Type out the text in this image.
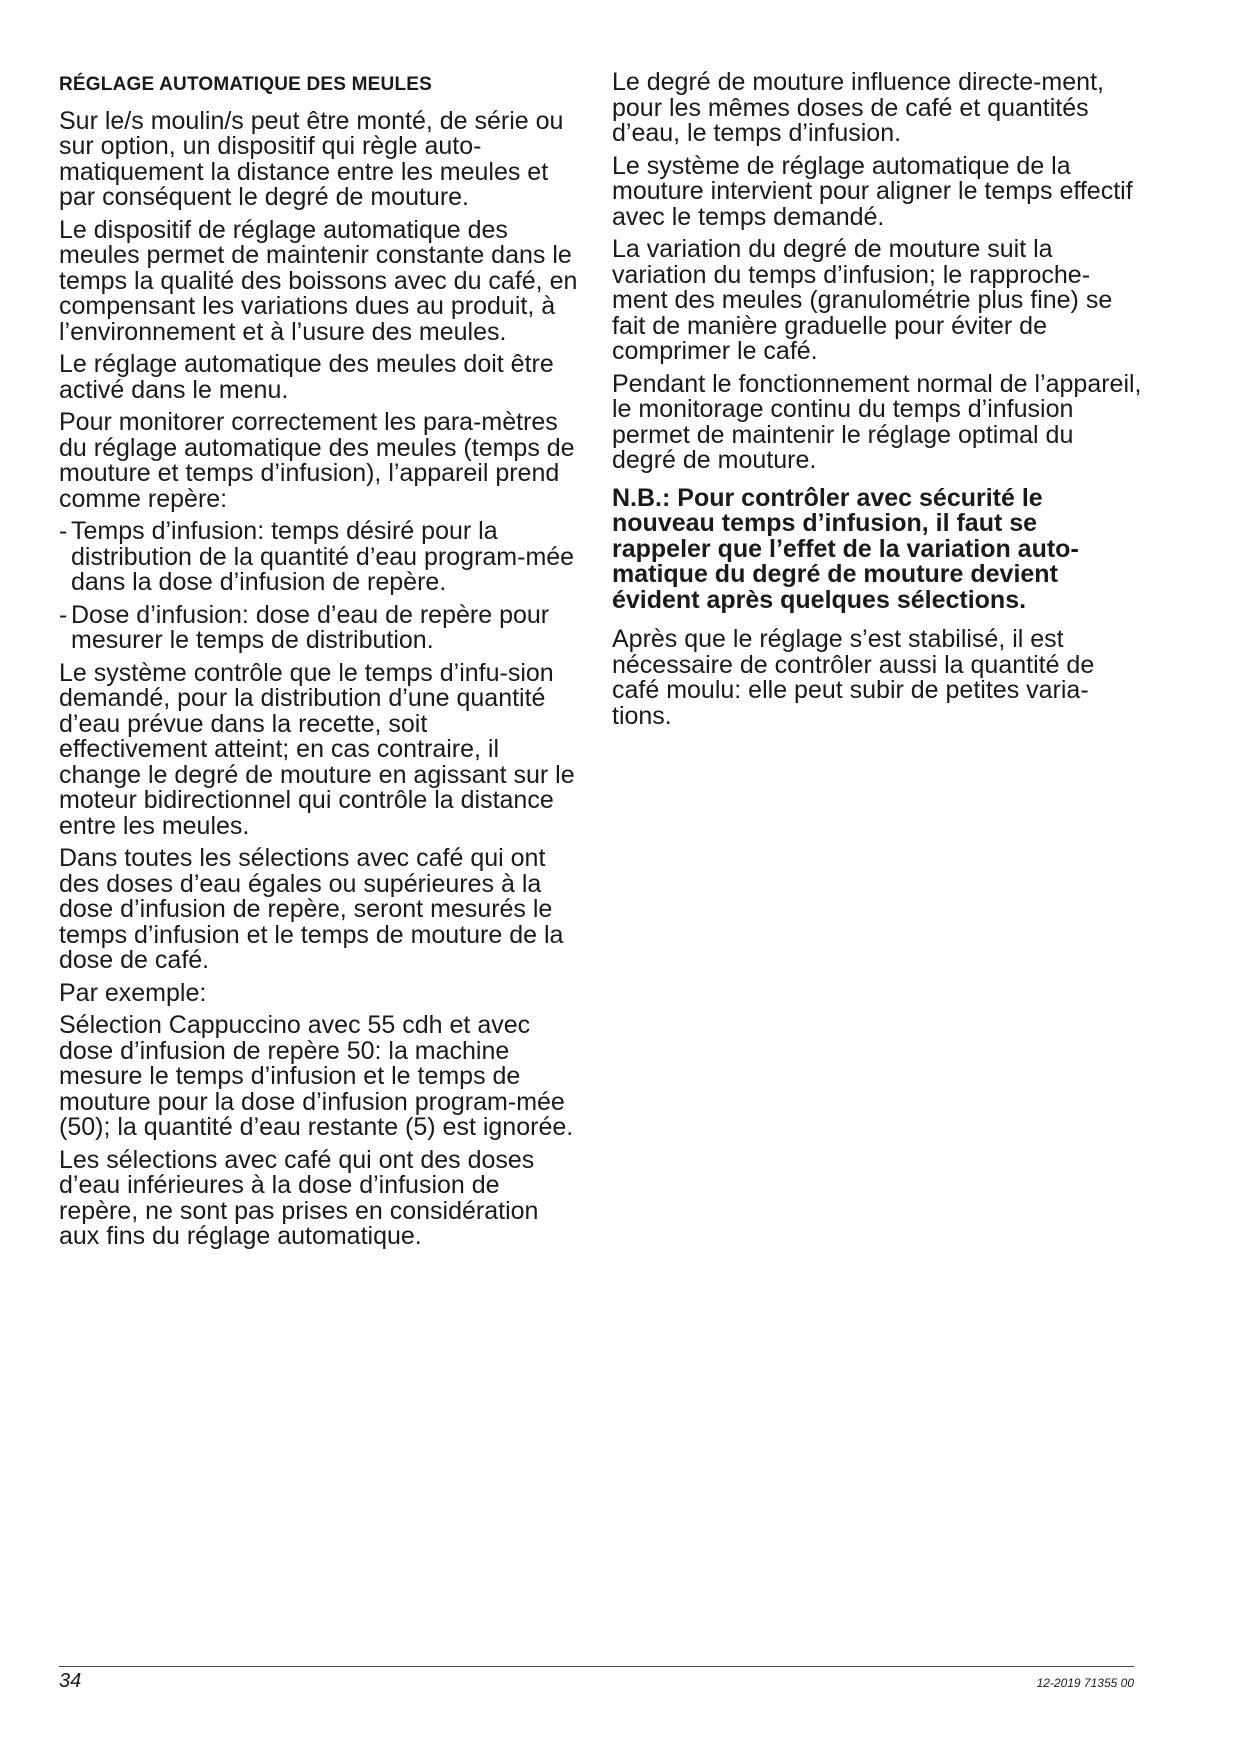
RÉGLAGE AUTOMATIQUE DES MEULES

Sur le/s moulin/s peut être monté, de série ou sur option, un dispositif qui règle auto-matiquement la distance entre les meules et par conséquent le degré de mouture.

Le dispositif de réglage automatique des meules permet de maintenir constante dans le temps la qualité des boissons avec du café, en compensant les variations dues au produit, à l’environnement et à l’usure des meules.

Le réglage automatique des meules doit être activé dans le menu.

Pour monitorer correctement les para-mètres du réglage automatique des meules (temps de mouture et temps d’infusion), l’appareil prend comme repère:

- Temps d’infusion: temps désiré pour la distribution de la quantité d’eau program-mée dans la dose d’infusion de repère.
- Dose d’infusion: dose d’eau de repère pour mesurer le temps de distribution.

Le système contrôle que le temps d’infu-sion demandé, pour la distribution d’une quantité d’eau prévue dans la recette, soit effectivement atteint; en cas contraire, il change le degré de mouture en agissant sur le moteur bidirectionnel qui contrôle la distance entre les meules.

Dans toutes les sélections avec café qui ont des doses d’eau égales ou supérieures à la dose d’infusion de repère, seront mesurés le temps d’infusion et le temps de mouture de la dose de café.

Par exemple:

Sélection Cappuccino avec 55 cdh et avec dose d’infusion de repère 50: la machine mesure le temps d’infusion et le temps de mouture pour la dose d’infusion program-mée (50); la quantité d’eau restante (5) est ignorée.

Les sélections avec café qui ont des doses d’eau inférieures à la dose d’infusion de repère, ne sont pas prises en considération aux fins du réglage automatique.

Le degré de mouture influence directe-ment, pour les mêmes doses de café et quantités d’eau, le temps d’infusion.

Le système de réglage automatique de la mouture intervient pour aligner le temps effectif avec le temps demandé.

La variation du degré de mouture suit la variation du temps d’infusion; le rapproche-ment des meules (granulométrie plus fine) se fait de manière graduelle pour éviter de comprimer le café.

Pendant le fonctionnement normal de l’appareil, le monitorage continu du temps d’infusion permet de maintenir le réglage optimal du degré de mouture.

N.B.: Pour contrôler avec sécurité le nouveau temps d’infusion, il faut se rappeler que l’effet de la variation auto-matique du degré de mouture devient évident après quelques sélections.

Après que le réglage s’est stabilisé, il est nécessaire de contrôler aussi la quantité de café moulu: elle peut subir de petites varia-tions.

34	12-2019 71355 00
